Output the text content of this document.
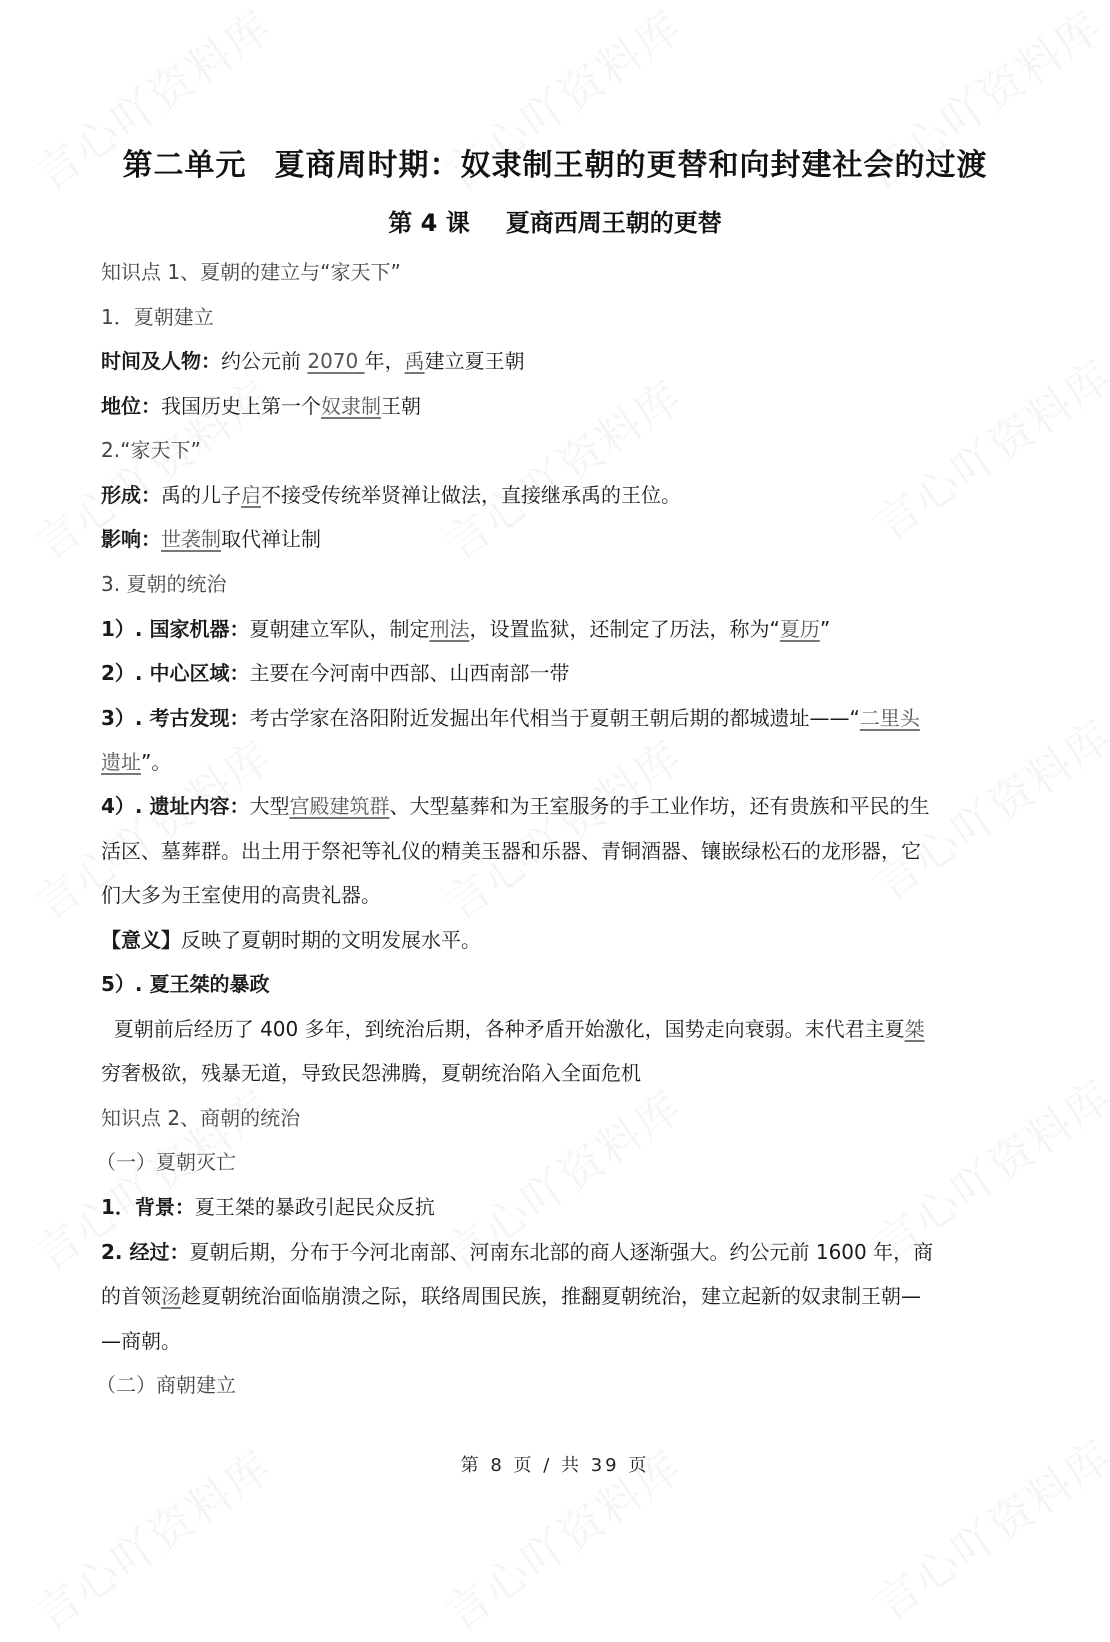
第二单元 夏商周时期：奴隶制王朝的更替和向封建社会的过渡
第 4 课 夏商西周王朝的更替
知识点 1、夏朝的建立与“家天下”
1．夏朝建立
时间及人物：约公元前 2070 年，禹建立夏王朝
地位：我国历史上第一个奴隶制王朝
2.“家天下”
形成：禹的儿子启不接受传统举贤禅让做法，直接继承禹的王位。
影响：世袭制取代禅让制
3. 夏朝的统治
1）. 国家机器：夏朝建立军队，制定刑法，设置监狱，还制定了历法，称为“夏历”
2）. 中心区域：主要在今河南中西部、山西南部一带
3）. 考古发现：考古学家在洛阳附近发掘出年代相当于夏朝王朝后期的都城遗址——“二里头
遗址”。
4）. 遗址内容：大型宫殿建筑群、大型墓葬和为王室服务的手工业作坊，还有贵族和平民的生
活区、墓葬群。出土用于祭祀等礼仪的精美玉器和乐器、青铜酒器、镶嵌绿松石的龙形器，它
们大多为王室使用的高贵礼器。
【意义】反映了夏朝时期的文明发展水平。
5）. 夏王桀的暴政
夏朝前后经历了 400 多年，到统治后期，各种矛盾开始激化，国势走向衰弱。末代君主夏桀
穷奢极欲，残暴无道，导致民怨沸腾，夏朝统治陷入全面危机
知识点 2、商朝的统治
（一）夏朝灭亡
1．背景：夏王桀的暴政引起民众反抗
2. 经过：夏朝后期，分布于今河北南部、河南东北部的商人逐渐强大。约公元前 1600 年，商
的首领汤趁夏朝统治面临崩溃之际，联络周围民族，推翻夏朝统治，建立起新的奴隶制王朝—
—商朝。
（二）商朝建立
第 8 页 / 共 39 页
